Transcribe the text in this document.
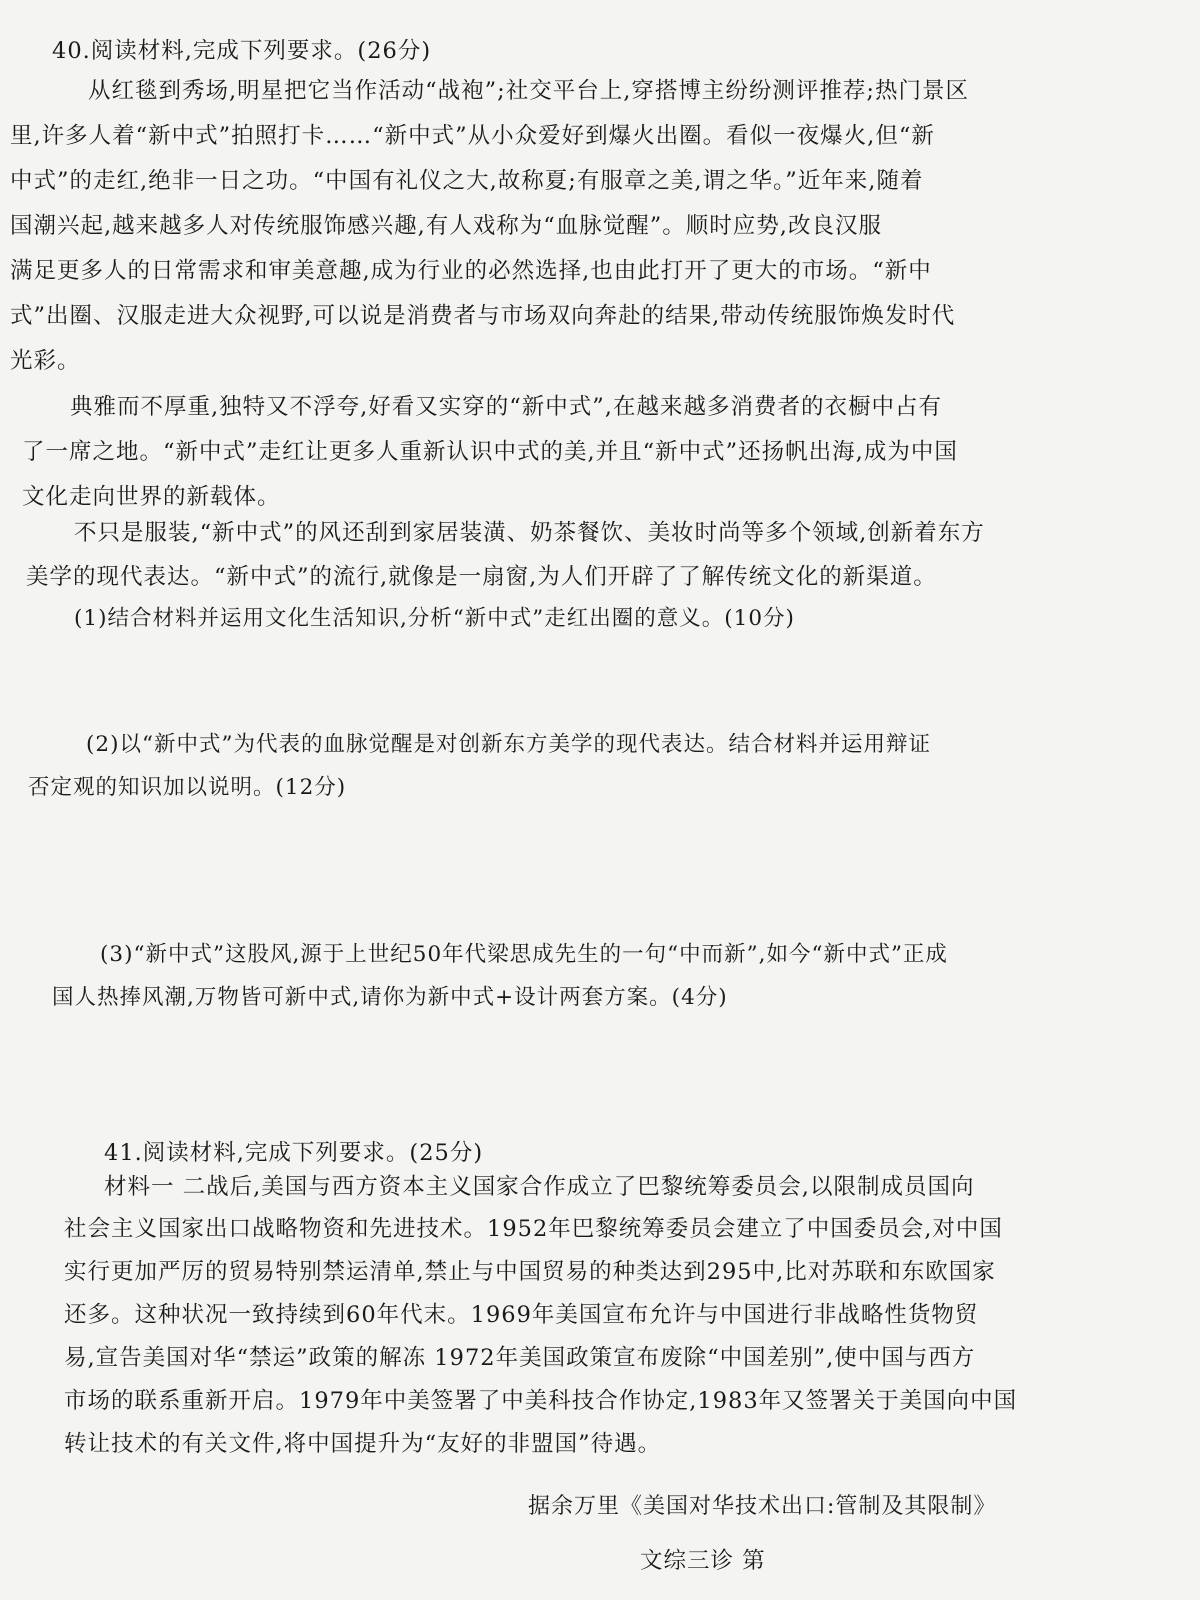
40.阅读材料,完成下列要求。(26分)
从红毯到秀场,明星把它当作活动“战袍”;社交平台上,穿搭博主纷纷测评推荐;热门景区
里,许多人着“新中式”拍照打卡……“新中式”从小众爱好到爆火出圈。看似一夜爆火,但“新
中式”的走红,绝非一日之功。“中国有礼仪之大,故称夏;有服章之美,谓之华。”近年来,随着
国潮兴起,越来越多人对传统服饰感兴趣,有人戏称为“血脉觉醒”。顺时应势,改良汉服
满足更多人的日常需求和审美意趣,成为行业的必然选择,也由此打开了更大的市场。“新中
式”出圈、汉服走进大众视野,可以说是消费者与市场双向奔赴的结果,带动传统服饰焕发时代
光彩。
典雅而不厚重,独特又不浮夸,好看又实穿的“新中式”,在越来越多消费者的衣橱中占有
了一席之地。“新中式”走红让更多人重新认识中式的美,并且“新中式”还扬帆出海,成为中国
文化走向世界的新载体。
不只是服装,“新中式”的风还刮到家居装潢、奶茶餐饮、美妆时尚等多个领域,创新着东方
美学的现代表达。“新中式”的流行,就像是一扇窗,为人们开辟了了解传统文化的新渠道。
(1)结合材料并运用文化生活知识,分析“新中式”走红出圈的意义。(10分)
(2)以“新中式”为代表的血脉觉醒是对创新东方美学的现代表达。结合材料并运用辩证
否定观的知识加以说明。(12分)
(3)“新中式”这股风,源于上世纪50年代梁思成先生的一句“中而新”,如今“新中式”正成
国人热捧风潮,万物皆可新中式,请你为新中式+设计两套方案。(4分)
41.阅读材料,完成下列要求。(25分)
材料一 二战后,美国与西方资本主义国家合作成立了巴黎统筹委员会,以限制成员国向
社会主义国家出口战略物资和先进技术。1952年巴黎统筹委员会建立了中国委员会,对中国
实行更加严厉的贸易特别禁运清单,禁止与中国贸易的种类达到295中,比对苏联和东欧国家
还多。这种状况一致持续到60年代末。1969年美国宣布允许与中国进行非战略性货物贸
易,宣告美国对华“禁运”政策的解冻 1972年美国政策宣布废除“中国差别”,使中国与西方
市场的联系重新开启。1979年中美签署了中美科技合作协定,1983年又签署关于美国向中国
转让技术的有关文件,将中国提升为“友好的非盟国”待遇。
据余万里《美国对华技术出口:管制及其限制》
文综三诊 第
